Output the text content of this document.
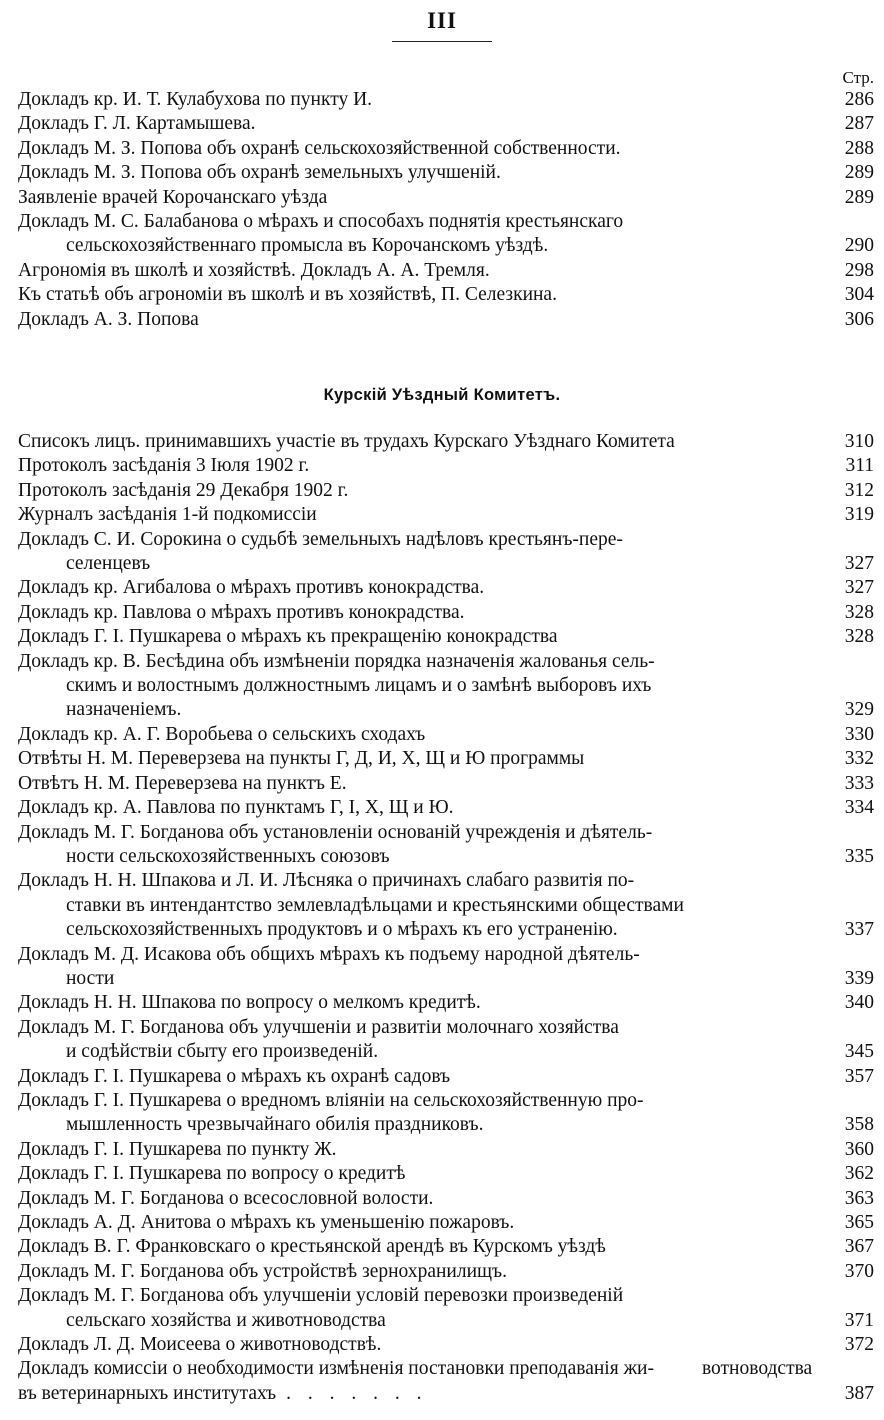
III
Стр.
Докладъ кр. И. Т. Кулабухова по пункту И.	286
Докладъ Г. Л. Картамышева.	287
Докладъ М. З. Попова объ охранѣ сельскохозяйственной собственности.	288
Докладъ М. З. Попова объ охранѣ земельныхъ улучшеній.	289
Заявленіе врачей Корочанскаго уѣзда	289
Докладъ М. С. Балабанова о мѣрахъ и способахъ поднятія крестьянскаго
сельскохозяйственнаго промысла въ Корочанскомъ уѣздѣ.	290
Агрономія въ школѣ и хозяйствѣ. Докладъ А. А. Тремля.	298
Къ статьѣ объ агрономіи въ школѣ и въ хозяйствѣ, П. Селезкина.	304
Докладъ А. З. Попова	306
Курскій Уѣздный Комитетъ.
Списокъ лицъ. принимавшихъ участіе въ трудахъ Курскаго Уѣзднаго Комитета	310
Протоколъ засѣданія 3 Іюля 1902 г.	311
Протоколъ засѣданія 29 Декабря 1902 г.	312
Журналъ засѣданія 1-й подкомиссіи	319
Докладъ С. И. Сорокина о судьбѣ земельныхъ надѣловъ крестьянъ-пере-
селенцевъ	327
Докладъ кр. Агибалова о мѣрахъ противъ конокрадства.	327
Докладъ кр. Павлова о мѣрахъ противъ конокрадства.	328
Докладъ Г. І. Пушкарева о мѣрахъ къ прекращенію конокрадства	328
Докладъ кр. В. Бесѣдина объ измѣненіи порядка назначенія жалованья сель-
скимъ и волостнымъ должностнымъ лицамъ и о замѣнѣ выборовъ ихъ
назначеніемъ.	329
Докладъ кр. А. Г. Воробьева о сельскихъ сходахъ	330
Отвѣты Н. М. Переверзева на пункты Г, Д, И, Х, Щ и Ю программы	332
Отвѣтъ Н. М. Переверзева на пунктъ Е.	333
Докладъ кр. А. Павлова по пунктамъ Г, І, Х, Щ и Ю.	334
Докладъ М. Г. Богданова объ установленіи основаній учрежденія и дѣятель-
ности сельскохозяйственныхъ союзовъ	335
Докладъ Н. Н. Шпакова и Л. И. Лѣсняка о причинахъ слабаго развитія по-
ставки въ интендантство землевладѣльцами и крестьянскими обществами
сельскохозяйственныхъ продуктовъ и о мѣрахъ къ его устраненію.	337
Докладъ М. Д. Исакова объ общихъ мѣрахъ къ подъему народной дѣятель-
ности	339
Докладъ Н. Н. Шпакова по вопросу о мелкомъ кредитѣ.	340
Докладъ М. Г. Богданова объ улучшеніи и развитіи молочнаго хозяйства
и содѣйствіи сбыту его произведеній.	345
Докладъ Г. І. Пушкарева о мѣрахъ къ охранѣ садовъ	357
Докладъ Г. І. Пушкарева о вредномъ вліяніи на сельскохозяйственную про-
мышленность чрезвычайнаго обилія праздниковъ.	358
Докладъ Г. І. Пушкарева по пункту Ж.	360
Докладъ Г. І. Пушкарева по вопросу о кредитѣ	362
Докладъ М. Г. Богданова о всесословной волости.	363
Докладъ А. Д. Анитова о мѣрахъ къ уменьшенію пожаровъ.	365
Докладъ В. Г. Франковскаго о крестьянской арендѣ въ Курскомъ уѣздѣ	367
Докладъ М. Г. Богданова объ устройствѣ зернохранилищъ.	370
Докладъ М. Г. Богданова объ улучшеніи условій перевозки произведеній
сельскаго хозяйства и животноводства	371
Докладъ Л. Д. Моисеева о животноводствѣ.	372
Докладъ комиссіи о необходимости измѣненія постановки преподаванія жи- вотноводства въ ветеринарныхъ институтахъ . . . . . . .	387
